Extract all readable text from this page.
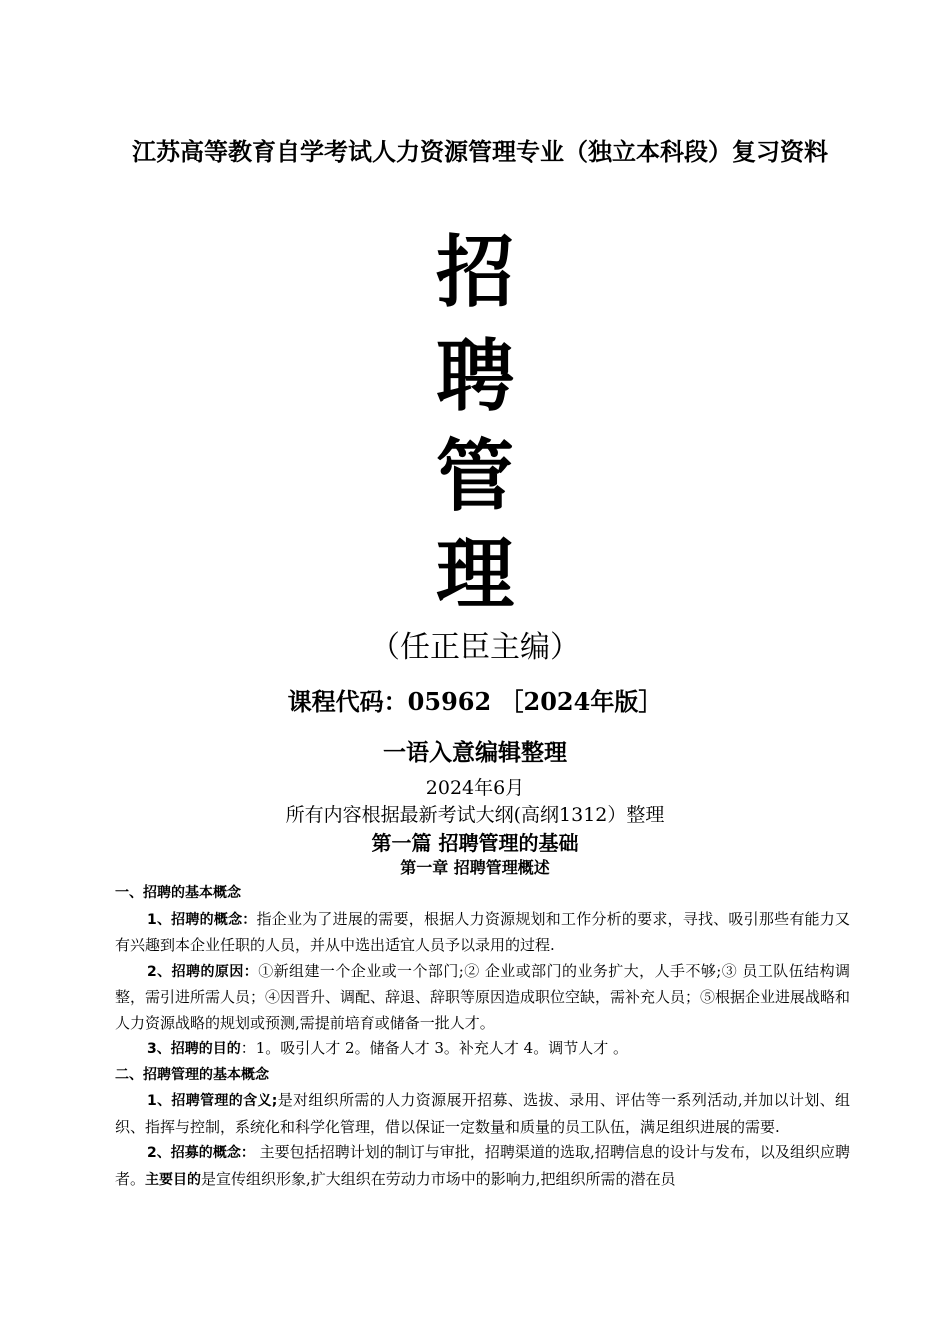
江苏高等教育自学考试人力资源管理专业（独立本科段）复习资料
招
聘
管
理
（任正臣主编）
课程代码：05962 ［2024年版］
一语入意编辑整理
2024年6月
所有内容根据最新考试大纲(高纲1312）整理
第一篇 招聘管理的基础
第一章 招聘管理概述
一、招聘的基本概念
1、招聘的概念：指企业为了进展的需要，根据人力资源规划和工作分析的要求，寻找、吸引那些有能力又有兴趣到本企业任职的人员，并从中选出适宜人员予以录用的过程.
2、招聘的原因：①新组建一个企业或一个部门;② 企业或部门的业务扩大，人手不够;③ 员工队伍结构调整，需引进所需人员；④因晋升、调配、辞退、辞职等原因造成职位空缺，需补充人员；⑤根据企业进展战略和人力资源战略的规划或预测,需提前培育或储备一批人才。
3、招聘的目的：1。吸引人才 2。储备人才 3。补充人才 4。调节人才 。
二、招聘管理的基本概念
1、招聘管理的含义;是对组织所需的人力资源展开招募、选拔、录用、评估等一系列活动,并加以计划、组织、指挥与控制，系统化和科学化管理，借以保证一定数量和质量的员工队伍，满足组织进展的需要.
2、招募的概念： 主要包括招聘计划的制订与审批，招聘渠道的选取,招聘信息的设计与发布，以及组织应聘者。主要目的是宣传组织形象,扩大组织在劳动力市场中的影响力,把组织所需的潜在员
